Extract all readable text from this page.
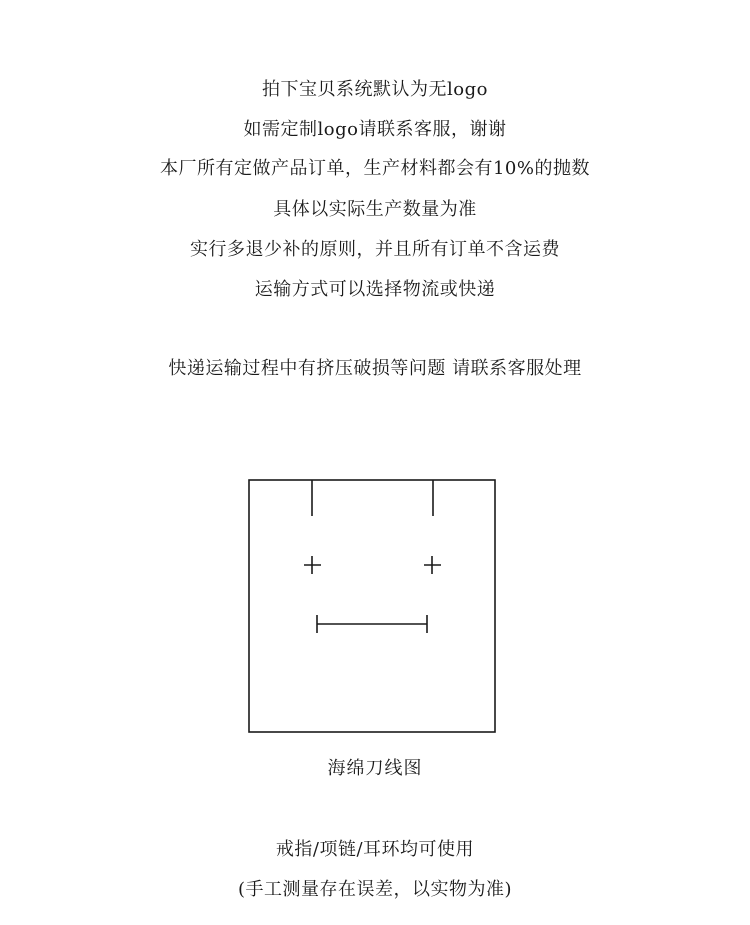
拍下宝贝系统默认为无logo
如需定制logo请联系客服，谢谢
本厂所有定做产品订单，生产材料都会有10%的抛数
具体以实际生产数量为准
实行多退少补的原则，并且所有订单不含运费
运输方式可以选择物流或快递
快递运输过程中有挤压破损等问题 请联系客服处理
海绵刀线图
戒指/项链/耳环均可使用
(手工测量存在误差，以实物为准)
